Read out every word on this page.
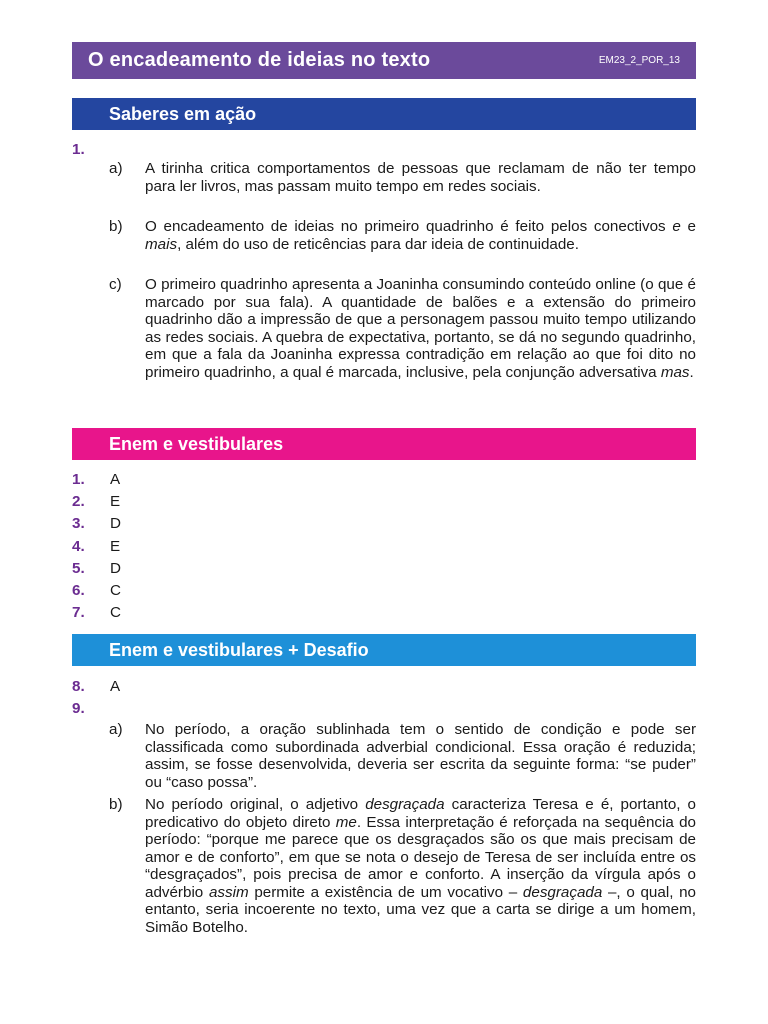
O encadeamento de ideias no texto	EM23_2_POR_13
Saberes em ação
1.
a) A tirinha critica comportamentos de pessoas que reclamam de não ter tempo para ler livros, mas passam muito tempo em redes sociais.
b) O encadeamento de ideias no primeiro quadrinho é feito pelos conectivos e e mais, além do uso de reticências para dar ideia de continuidade.
c) O primeiro quadrinho apresenta a Joaninha consumindo conteúdo online (o que é marcado por sua fala). A quantidade de balões e a extensão do primeiro quadrinho dão a impressão de que a personagem passou muito tempo utilizando as redes sociais. A quebra de expectativa, portanto, se dá no segundo quadrinho, em que a fala da Joaninha expressa contradição em relação ao que foi dito no primeiro quadrinho, a qual é marcada, inclusive, pela conjunção adversativa mas.
Enem e vestibulares
1.	A
2.	E
3.	D
4.	E
5.	D
6.	C
7.	C
Enem e vestibulares + Desafio
8.	A
9.
a) No período, a oração sublinhada tem o sentido de condição e pode ser classificada como subordinada adverbial condicional. Essa oração é reduzida; assim, se fosse desenvolvida, deveria ser escrita da seguinte forma: “se puder” ou “caso possa”.
b) No período original, o adjetivo desgraçada caracteriza Teresa e é, portanto, o predicativo do objeto direto me. Essa interpretação é reforçada na sequência do período: “porque me parece que os desgraçados são os que mais precisam de amor e de conforto”, em que se nota o desejo de Teresa de ser incluída entre os “desgraçados”, pois precisa de amor e conforto. A inserção da vírgula após o advérbio assim permite a existência de um vocativo – desgraçada –, o qual, no entanto, seria incoerente no texto, uma vez que a carta se dirige a um homem, Simão Botelho.
